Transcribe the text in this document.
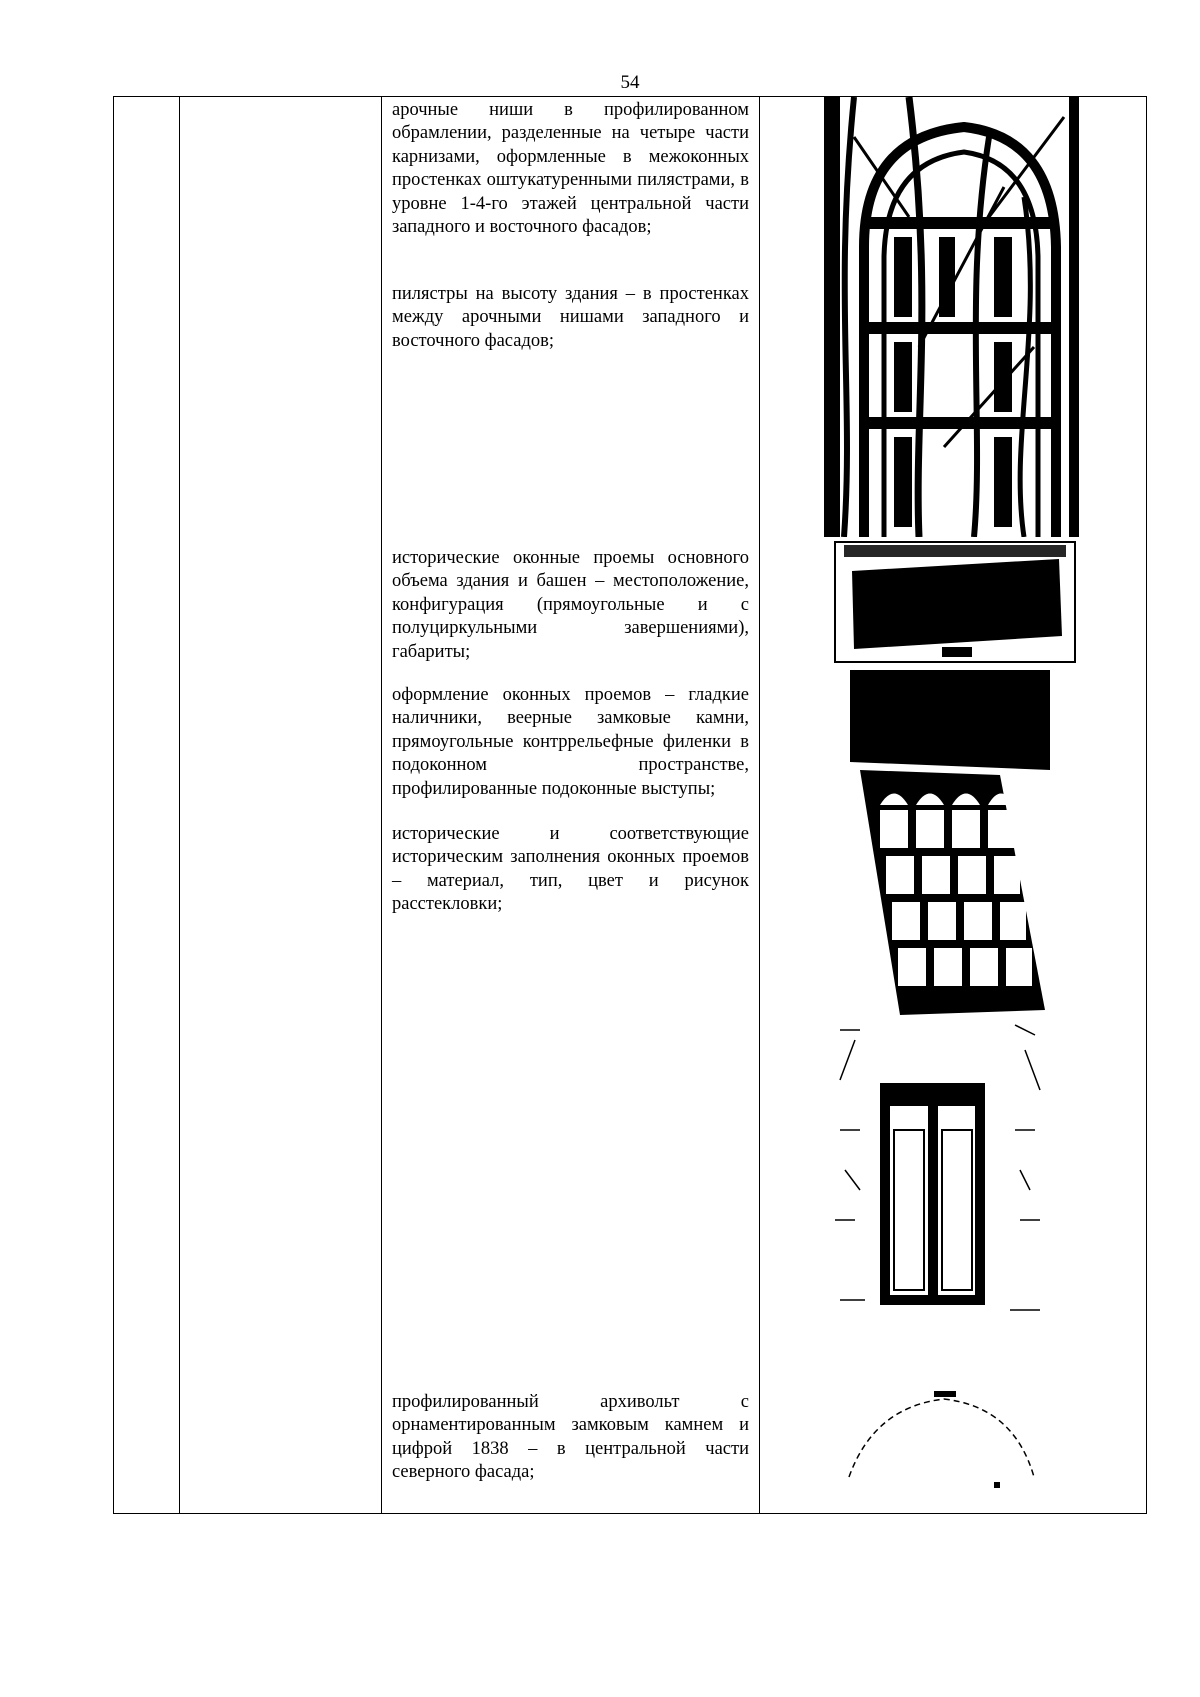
54

арочные ниши в профилированном обрамлении, разделенные на четыре части карнизами, оформленные в межоконных простенках оштукатуренными пилястрами, в уровне 1-4-го этажей центральной части западного и восточного фасадов;

пилястры на высоту здания – в простенках между арочными нишами западного и восточного фасадов;

исторические оконные проемы основного объема здания и башен – местоположение, конфигурация (прямоугольные и с полуциркульными завершениями), габариты;

оформление оконных проемов – гладкие наличники, веерные замковые камни, прямоугольные контррельефные филенки в подоконном пространстве, профилированные подоконные выступы;

исторические и соответствующие историческим заполнения оконных проемов – материал, тип, цвет и рисунок расстекловки;

профилированный архивольт с орнаментированным замковым камнем и цифрой 1838 – в центральной части северного фасада;
